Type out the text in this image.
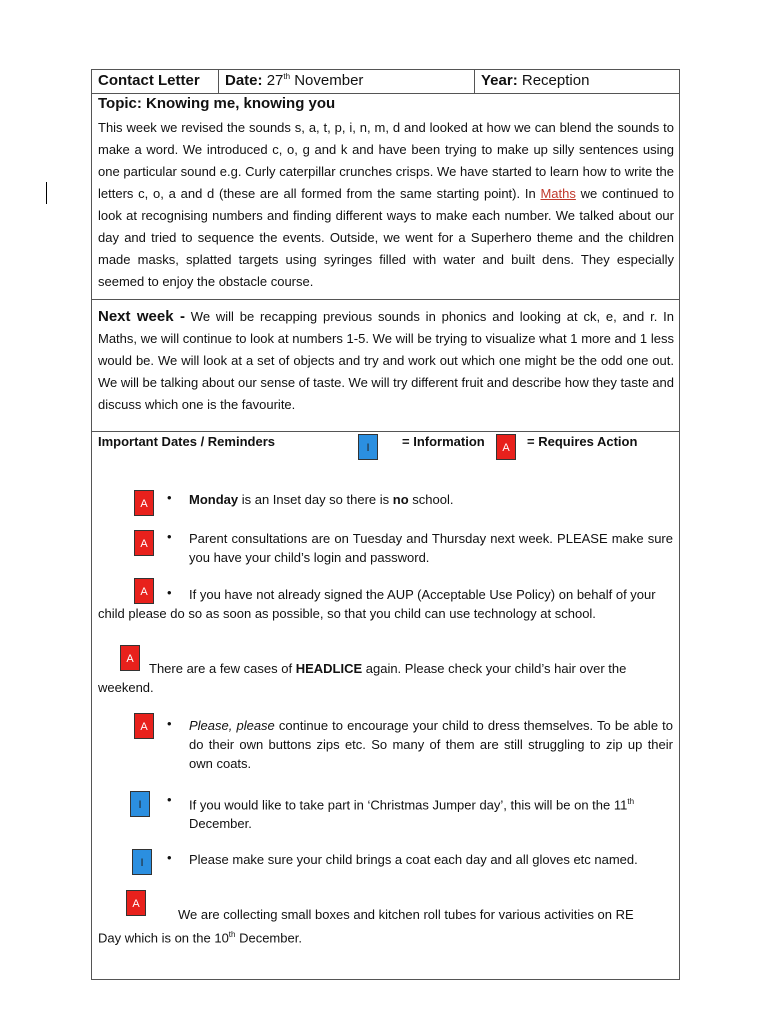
Contact Letter Date: 27th November	Year: Reception
Topic: Knowing me, knowing you
This week we revised the sounds s, a, t, p, i, n, m, d and looked at how we can blend the sounds to make a word. We introduced c, o, g and k and have been trying to make up silly sentences using one particular sound e.g. Curly caterpillar crunches crisps. We have started to learn how to write the letters c, o, a and d (these are all formed from the same starting point). In Maths we continued to look at recognising numbers and finding different ways to make each number. We talked about our day and tried to sequence the events. Outside, we went for a Superhero theme and the children made masks, splatted targets using syringes filled with water and built dens. They especially seemed to enjoy the obstacle course.
Next week - We will be recapping previous sounds in phonics and looking at ck, e, and r. In Maths, we will continue to look at numbers 1-5. We will be trying to visualize what 1 more and 1 less would be. We will look at a set of objects and try and work out which one might be the odd one out. We will be talking about our sense of taste. We will try different fruit and describe how they taste and discuss which one is the favourite.
Important Dates / Reminders	I	= Information	A	= Requires Action
A	• Monday is an Inset day so there is no school.
A	• Parent consultations are on Tuesday and Thursday next week. PLEASE make sure you have your child’s login and password.
A	• If you have not already signed the AUP (Acceptable Use Policy) on behalf of your
child please do so as soon as possible, so that you child can use technology at school.
A
There are a few cases of HEADLICE again. Please check your child’s hair over the
weekend.
A	• Please, please continue to encourage your child to dress themselves. To be able to do their own buttons zips etc. So many of them are still struggling to zip up their own coats.
I	• If you would like to take part in ‘Christmas Jumper day’, this will be on the 11th
December.
I	• Please make sure your child brings a coat each day and all gloves etc named.
A
We are collecting small boxes and kitchen roll tubes for various activities on RE
Day which is on the 10th December.
